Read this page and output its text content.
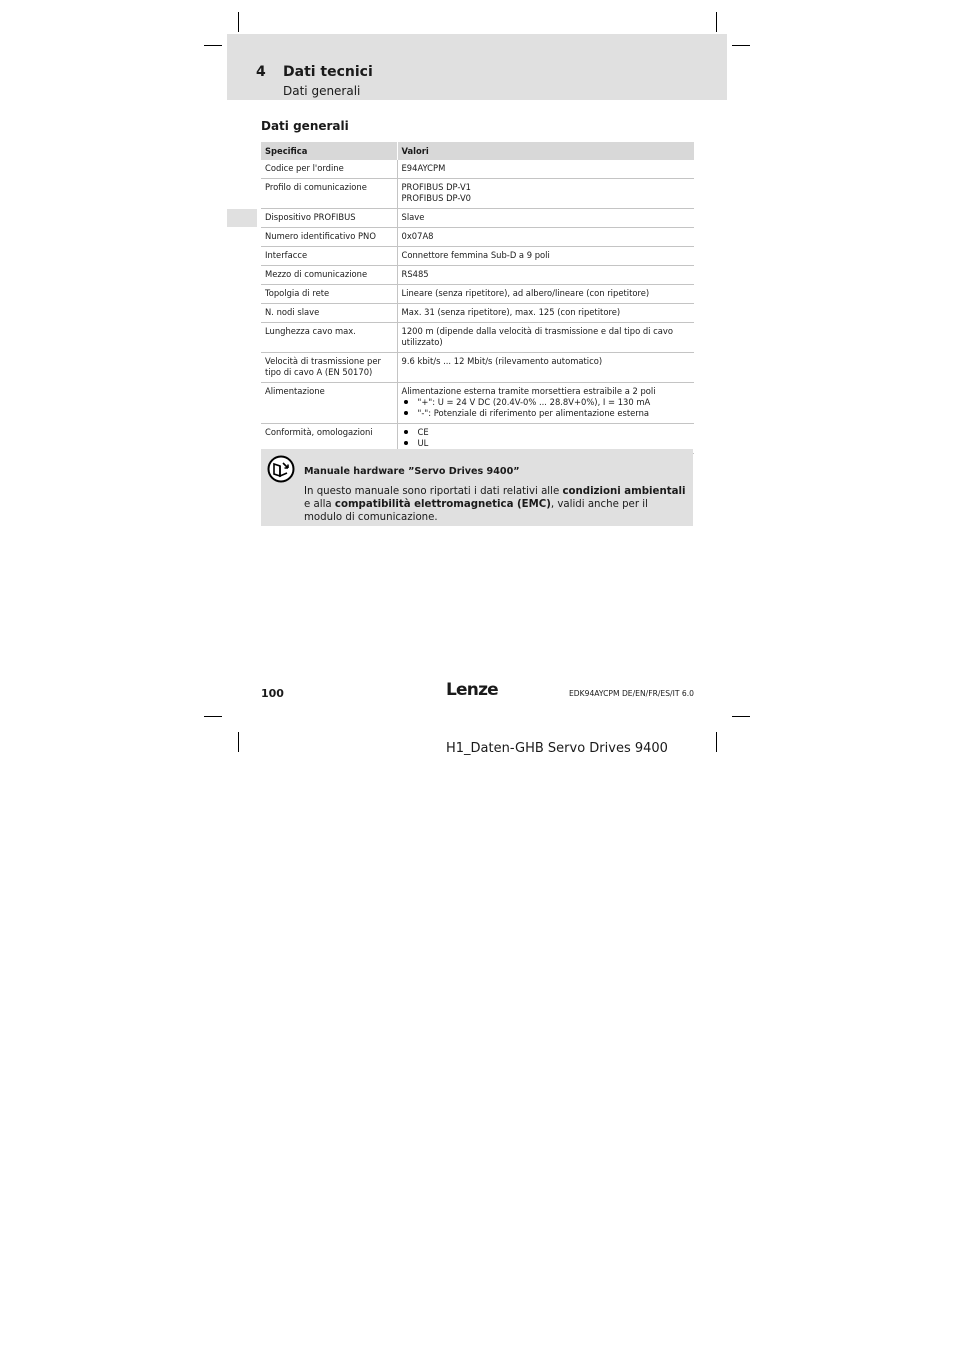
4 Dati tecnici
Dati generali
Dati generali
Specifica	Valori
Codice per l'ordine	E94AYCPM

Profilo di comunicazione	PROFIBUS DP-V1
PROFIBUS DP-V0

Dispositivo PROFIBUS	Slave

Numero identificativo PNO	0x07A8

Interfacce	Connettore femmina Sub-D a 9 poli

Mezzo di comunicazione	RS485

Topolgia di rete	Lineare (senza ripetitore), ad albero/lineare (con ripetitore)

N. nodi slave	Max. 31 (senza ripetitore), max. 125 (con ripetitore)

Lunghezza cavo max.	1200 m (dipende dalla velocità di trasmissione e dal tipo di cavo utilizzato)

Velocità di trasmissione per tipo di cavo A (EN 50170)	9.6 kbit/s ... 12 Mbit/s (rilevamento automatico)

Alimentazione	Alimentazione esterna tramite morsettiera estraibile a 2 poli
"+": U = 24 V DC (20.4V-0% ... 28.8V+0%), I = 130 mA
"-": Potenziale di riferimento per alimentazione esterna

Conformità, omologazioni	CE
UL
Manuale hardware ”Servo Drives 9400”
In questo manuale sono riportati i dati relativi alle condizioni ambientali e alla compatibilità elettromagnetica (EMC), validi anche per il modulo di comunicazione.
100	Lenze	EDK94AYCPM DE/EN/FR/ES/IT 6.0
H1_Daten-GHB Servo Drives 9400
